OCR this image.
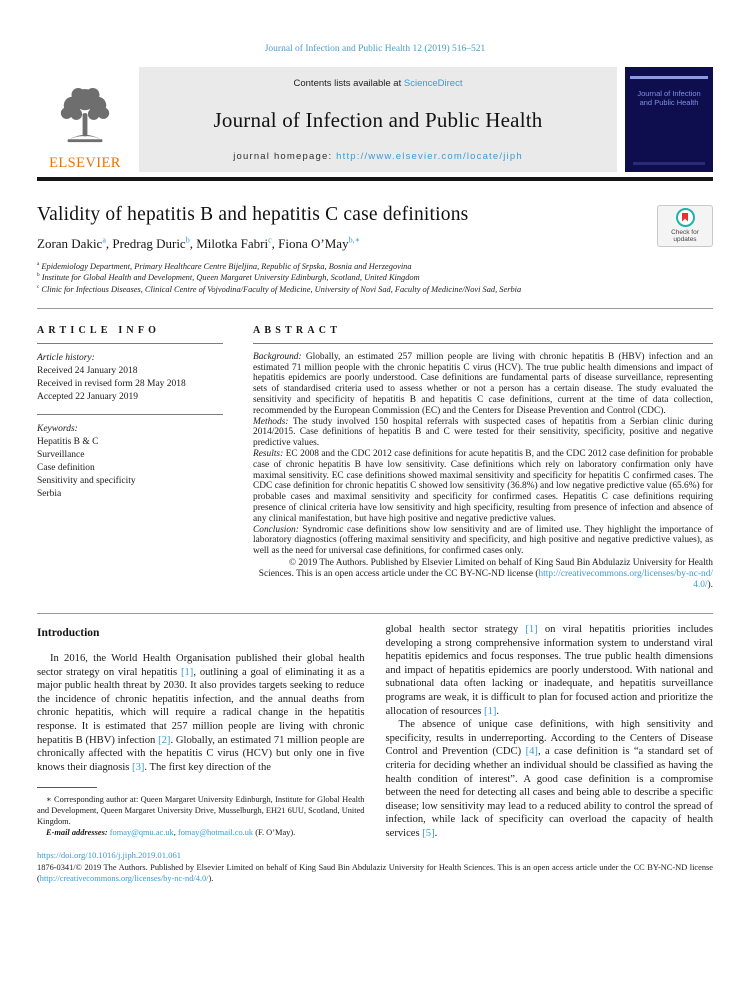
Journal of Infection and Public Health 12 (2019) 516–521
ELSEVIER
Contents lists available at ScienceDirect
Journal of Infection and Public Health
journal homepage: http://www.elsevier.com/locate/jiph
Journal of Infection and Public Health
Validity of hepatitis B and hepatitis C case definitions
Check for
updates
Zoran Dakic$^a$, Predrag Duric$^b$, Milotka Fabri$^c$, Fiona O’May$^{b,∗}$
$^a$ Epidemiology Department, Primary Healthcare Centre Bijeljina, Republic of Srpska, Bosnia and Herzegovina
$^b$ Institute for Global Health and Development, Queen Margaret University Edinburgh, Scotland, United Kingdom
$^c$ Clinic for Infectious Diseases, Clinical Centre of Vojvodina/Faculty of Medicine, University of Novi Sad, Faculty of Medicine/Novi Sad, Serbia
ARTICLE INFO
Article history:
Received 24 January 2018
Received in revised form 28 May 2018
Accepted 22 January 2019
Keywords:
Hepatitis B & C
Surveillance
Case definition
Sensitivity and specificity
Serbia
ABSTRACT

Background: Globally, an estimated 257 million people are living with chronic hepatitis B (HBV) infection and an estimated 71 million people with the chronic hepatitis C virus (HCV). The true public health dimensions and impact of hepatitis epidemics are poorly understood. Case definitions are fundamental parts of disease surveillance, representing sets of standardised criteria used to assess whether or not a person has a certain disease. The study evaluated the sensitivity and specificity of hepatitis B and hepatitis C case definitions, current at the time of data collection, recommended by the European Commission (EC) and the Centers for Disease Prevention and Control (CDC).

Methods: The study involved 150 hospital referrals with suspected cases of hepatitis from a Serbian clinic during 2014/2015. Case definitions of hepatitis B and C were tested for their sensitivity, specificity, positive and negative predictive values.

Results: EC 2008 and the CDC 2012 case definitions for acute hepatitis B, and the CDC 2012 case definition for probable case of chronic hepatitis B have low sensitivity. Case definitions which rely on laboratory confirmation only have maximal sensitivity. EC case definitions showed maximal sensitivity and specificity for hepatitis C confirmed cases. The CDC case definition for chronic hepatitis C showed low sensitivity (36.8%) and low negative predictive value (65.6%) for probable cases and maximal sensitivity and specificity for confirmed cases. Hepatitis C case definitions requiring presence of clinical criteria have low sensitivity and high specificity, resulting from presence of infection and absence of any clinical manifestation, but have high positive and negative predictive values.

Conclusion: Syndromic case definitions show low sensitivity and are of limited use. They highlight the importance of laboratory diagnostics (offering maximal sensitivity and specificity, and high positive and negative predictive values), as well as the need for universal case definitions, for confirmed cases only.

© 2019 The Authors. Published by Elsevier Limited on behalf of King Saud Bin Abdulaziz University for Health Sciences. This is an open access article under the CC BY-NC-ND license (http://creativecommons.org/licenses/by-nc-nd/4.0/).

Introduction

In 2016, the World Health Organisation published their global health sector strategy on viral hepatitis [1], outlining a goal of eliminating it as a major public health threat by 2030. It also provides targets seeking to reduce the incidence of chronic hepatitis infection, and the annual deaths from chronic hepatitis, which will require a radical change in the hepatitis response. It is estimated that 257 million people are living with chronic hepatitis B (HBV) infection [2]. Globally, an estimated 71 million people are chronically affected with the hepatitis C virus (HCV) but only one in five knows their diagnosis [3]. The first key direction of the

∗ Corresponding author at: Queen Margaret University Edinburgh, Institute for Global Health and Development, Queen Margaret University Drive, Musselburgh, EH21 6UU, Scotland, United Kingdom.

E-mail addresses: fomay@qmu.ac.uk, fomay@hotmail.co.uk (F. O’May).

global health sector strategy [1] on viral hepatitis priorities includes developing a strong comprehensive information system to understand viral hepatitis epidemics and focus responses. The true public health dimensions and impact of hepatitis epidemics are poorly understood. With national and subnational data often lacking or inadequate, and hepatitis surveillance programs are weak, it is difficult to plan for focused action and prioritize the allocation of resources [1].

The absence of unique case definitions, with high sensitivity and specificity, results in underreporting. According to the Centers of Disease Control and Prevention (CDC) [4], a case definition is “a standard set of criteria for deciding whether an individual should be classified as having the health condition of interest”. A good case definition is a compromise between the need for detecting all cases and being able to describe a specific disease; low sensitivity may lead to a reduced ability to control the spread of infection, while lack of specificity can overload the capacity of health services [5].

https://doi.org/10.1016/j.jiph.2019.01.061

1876-0341/© 2019 The Authors. Published by Elsevier Limited on behalf of King Saud Bin Abdulaziz University for Health Sciences. This is an open access article under the CC BY-NC-ND license (http://creativecommons.org/licenses/by-nc-nd/4.0/).
